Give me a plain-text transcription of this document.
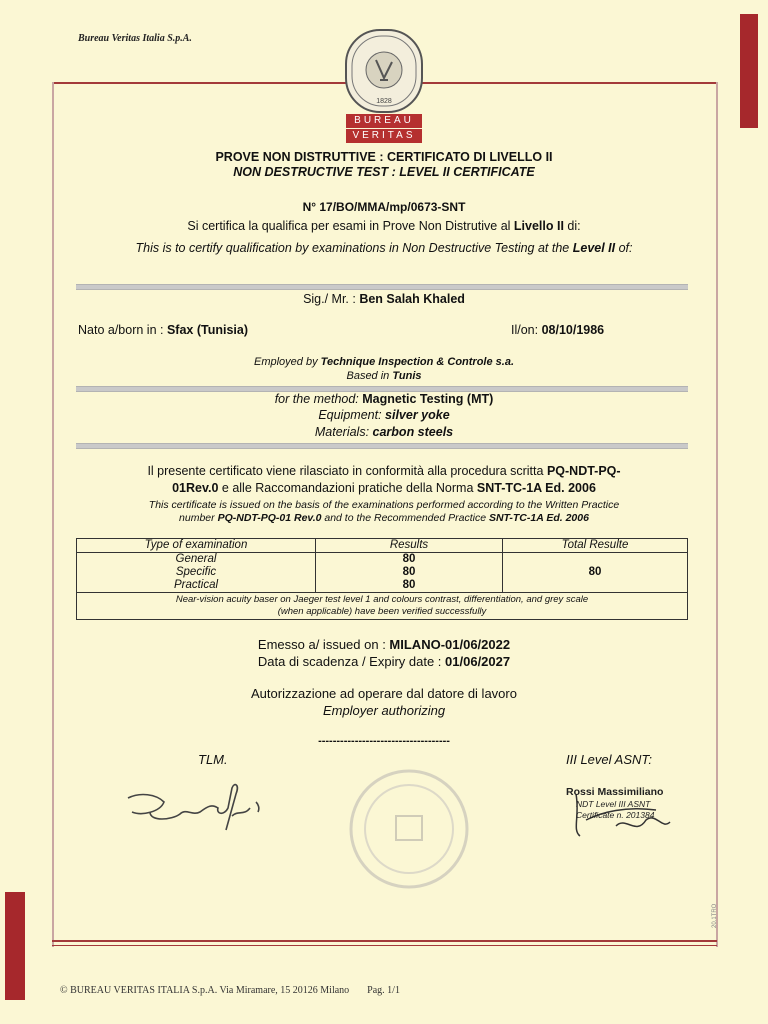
Bureau Veritas Italia S.p.A.
BUREAU
VERITAS
1828
PROVE NON DISTRUTTIVE : CERTIFICATO DI LIVELLO II
NON DESTRUCTIVE TEST : LEVEL II CERTIFICATE
N° 17/BO/MMA/mp/0673-SNT
Si certifica la qualifica per esami in Prove Non Distrutive al Livello II di:
This is to certify qualification by examinations in Non Destructive Testing at the Level II of:
Sig./ Mr. : Ben Salah Khaled
Nato a/born in : Sfax (Tunisia)	Il/on: 08/10/1986
Employed by Technique Inspection & Controle s.a.
Based in Tunis
for the method: Magnetic Testing (MT)
Equipment: silver yoke
Materials: carbon steels
Il presente certificato viene rilasciato in conformità alla procedura scritta PQ-NDT-PQ-
01Rev.0 e alle Raccomandazioni pratiche della Norma SNT-TC-1A Ed. 2006
This certificate is issued on the basis of the examinations performed according to the Written Practice
number PQ-NDT-PQ-01 Rev.0 and to the Recommended Practice SNT-TC-1A Ed. 2006
Type of examination	Results	Total Resulte
General	80	80
Specific	80	
Practical	80	
Near-vision acuity baser on Jaeger test level 1 and colours contrast, differentiation, and grey scale
(when applicable) have been verified successfully		
Emesso a/ issued on : MILANO-01/06/2022
Data di scadenza / Expiry date : 01/06/2027
Autorizzazione ad operare dal datore di lavoro
Employer authorizing
------------------------------------
TLM.	III Level ASNT:
Rossi Massimiliano
NDT Level III ASNT
Certificate n. 201384
20.1TRO
© BUREAU VERITAS ITALIA S.p.A. Via Miramare, 15 20126 Milano Pag. 1/1
